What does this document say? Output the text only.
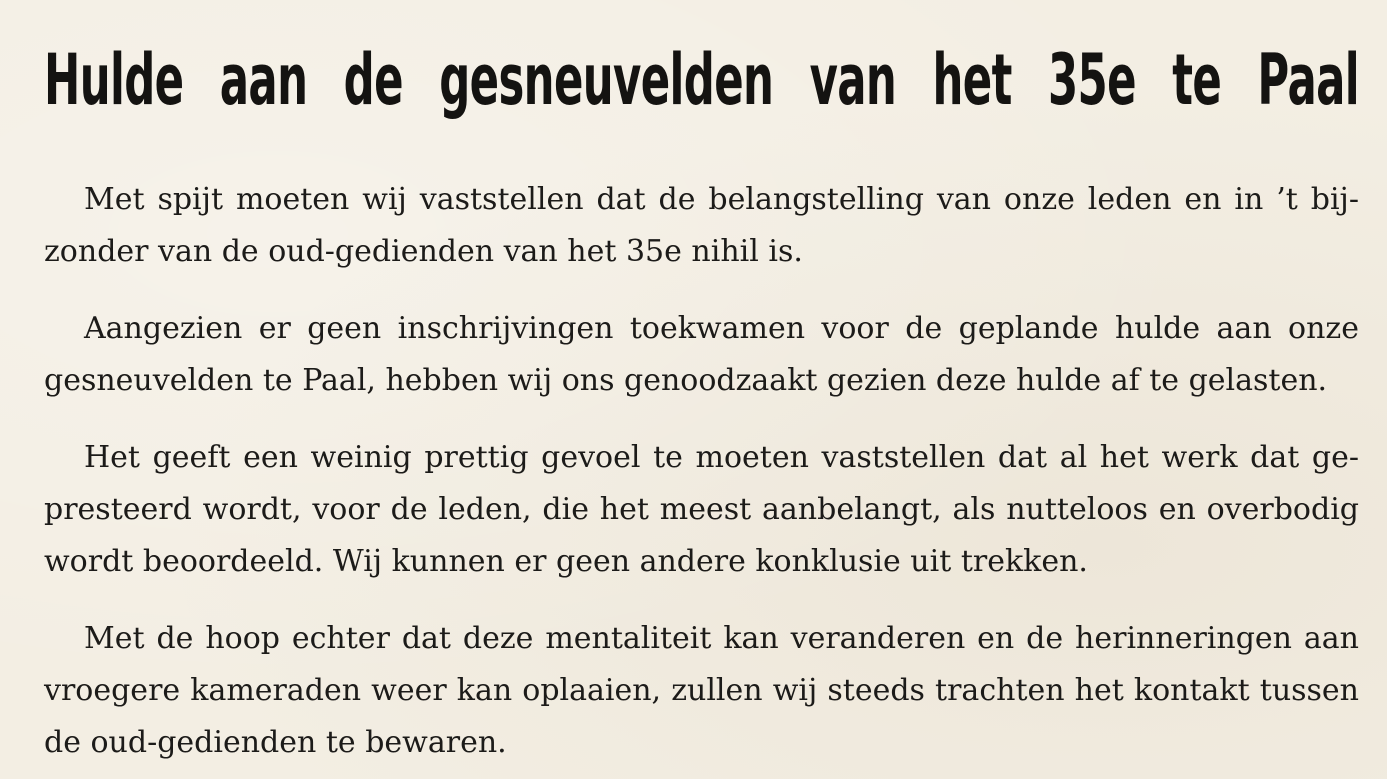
Hulde aan de gesneuvelden van het 35e te Paal

Met spijt moeten wij vaststellen dat de belangstelling van onze leden en in ’t bijzonder van de oud-gedienden van het 35e nihil is.

Aangezien er geen inschrijvingen toekwamen voor de geplande hulde aan onze gesneuvelden te Paal, hebben wij ons genoodzaakt gezien deze hulde af te gelasten.

Het geeft een weinig prettig gevoel te moeten vaststellen dat al het werk dat gepresteerd wordt, voor de leden, die het meest aanbelangt, als nutteloos en overbodig wordt beoordeeld. Wij kunnen er geen andere konklusie uit trekken.

Met de hoop echter dat deze mentaliteit kan veranderen en de herinneringen aan vroegere kameraden weer kan oplaaien, zullen wij steeds trachten het kontakt tussen de oud-gedienden te bewaren.
